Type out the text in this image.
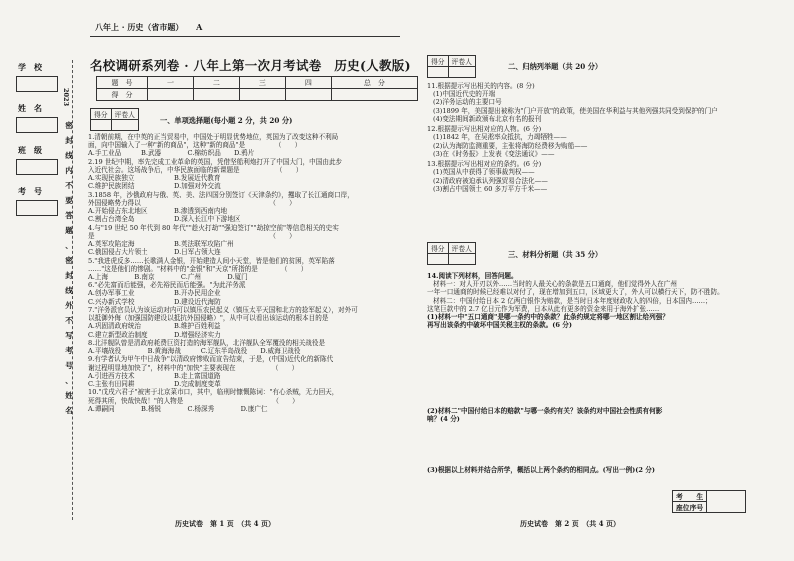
八年上 · 历史（省市题） A
学　校
姓　名
班　级
考　号
2023
密
封
线
内
不
要
答
题
、
密
封
线
外
不
写
考
号
、
姓
名
名校调研系列卷 · 八年上第一次月考试卷　历史(人教版)
题　号	一	二	三	四	总　分
得　分					
得分	评卷人

一、单项选择题(每小题 2 分，共 20 分)
1.清朝前期，在中英的正当贸易中，中国处于明显优势地位，英国为了改变这种不利局
面，向中国输入了一种"新的商品"，这种"新的商品"是　　　　　（　　）
A.手工业品　　　B.武器　　　　C.棉纺织品　　D.鸦片
2.19 世纪中期，率先完成工业革命的英国，凭借坚船利炮打开了中国大门，中国由此步
入近代社会。这场战争后，中华民族面临的新课题是　　　　　　（　　）
A.实现民族独立　　　　　　B.发展近代教育
C.维护民族团结　　　　　　D.加强对外交流
3.1858 年，沙俄政府与俄、英、美、法四国分别签订《天津条约》，攫取了长江通商口岸，
外国侵略势力得以　　　　　　　　　　　　　　　　　　　　（　　）
A.开始侵占东北地区　　　　B.渗透到西南内地
C.割占台湾全岛　　　　　　D.深入长江中下游地区
4.与"19 世纪 50 年代到 80 年代""趁火打劫""强迫签订""劫掠空前"等信息相关的史实
是　　　　　　　　　　　　　　　　　　　　　　　　　　　（　　）
A.英军攻陷定海　　　　　　B.英法联军攻陷广州
C.俄国侵占大片领土　　　　D.日军占领大连
5."我进虎反多……长歌满人金银，开始建造人间小天堂，皆是他们的贫困，英军陷落
……"这是他们的惨剧。"材料中的"金银"和"天京"所指的是　　　　（　　）
A.上海　　　　B.南京　　　　C.广州　　　　D.厦门
6."必先富而后能强，必先裕民而后能强。"为此洋务派
A.创办军事工业　　　　　　B.开办民用企业
C.兴办新式学校　　　　　　D.建设近代海防
7."洋务派官员认为该运动对内可以镇压农民起义（镇压太平天国和北方的捻军起义），对外可
以抵御外侮（加强国防建设以抵抗外国侵略）"，从中可以看出该运动的根本目的是
A.巩固清政府统治　　　　　B.维护百姓利益
C.建立新型政治制度　　　　D.增强经济实力
8.北洋舰队曾是清政府耗费巨资打造的海军舰队，北洋舰队全军覆没的相关战役是
A.平壤战役　　　　B.黄海海战　　　C.辽东半岛战役　　D.威海卫战役
9.有学者认为甲午中日战争"以清政府惨败而宣告结束，于是，(中国)近代化的新陈代
谢过程明显地加快了"，材料中的"加快"主要表现在　　　　　　（　　）
A.引进西方技术　　　　　　B.走上富国道路
C.主张有田同耕　　　　　　D.完成制度变革
10."戊戌六君子"被害于北京菜市口，其中，临刑时慷慨陈词："有心杀贼，无力回天，
死得其所，快哉快哉！"的人物是　　　　　　　　　　　　　　（　　）
A.谭嗣同　　　　B.杨锐　　　　C.杨深秀　　　　D.康广仁
历史试卷　第 1 页　（共 4 页）
得分	评卷人
		二、归纳列举题（共 20 分）
11.根据提示写出相关的内容。(8 分)
(1)中国近代史的开端
(2)洋务运动的主要口号
(3)1899 年，美国提出被称为"门户开放"的政策，使美国在华利益与其他列强共同受到保护的门户
(4)变法期间新政颁布北京有名的报刊
12.根据提示写出相对应的人物。(6 分)
(1)1842 年，在吴淞率众抵抗，力竭牺牲——
(2)认为海防监测重要，主张将海防经费移为购船——
(3)在《时务报》上发表《变法通议》——
13.根据提示写出相对应的条约。(6 分)
(1)英国从中获得了领事裁判权——
(2)清政府被迫承认列强贸易合法化——
(3)割占中国领土 60 多万平方千米——
得分	评卷人

三、材料分析题（共 35 分）
14.阅读下列材料，回答问题。
材料一：对人开刃以外……当时的人最关心的条款是五口通商，他们觉得外人在广州
一年一口通商的时候已经难以对付了，现在增加到五口，区域更大了，外人可以横行天下，防不胜防。
材料二：中国付给日本 2 亿两白银作为赔款，是当时日本年度财政收入的四倍，日本国内……；
这笔巨款中的 2.7 亿日元作为军费，日本从此有更多的资金来用于海外扩张……
(1)材料一中"五口通商"是哪一条约中的条款？此条约规定将哪一地区割让给列强？
再写出该条约中破坏中国关税主权的条款。(6 分)
(2)材料二"中国付给日本的赔款"与哪一条约有关？该条约对中国社会性质有何影
响？(4 分)
(3)根据以上材料并结合所学，概括以上两个条约的相同点。(写出一例)(2 分)
考　　生	
座位序号
历史试卷　第 2 页　（共 4 页）
